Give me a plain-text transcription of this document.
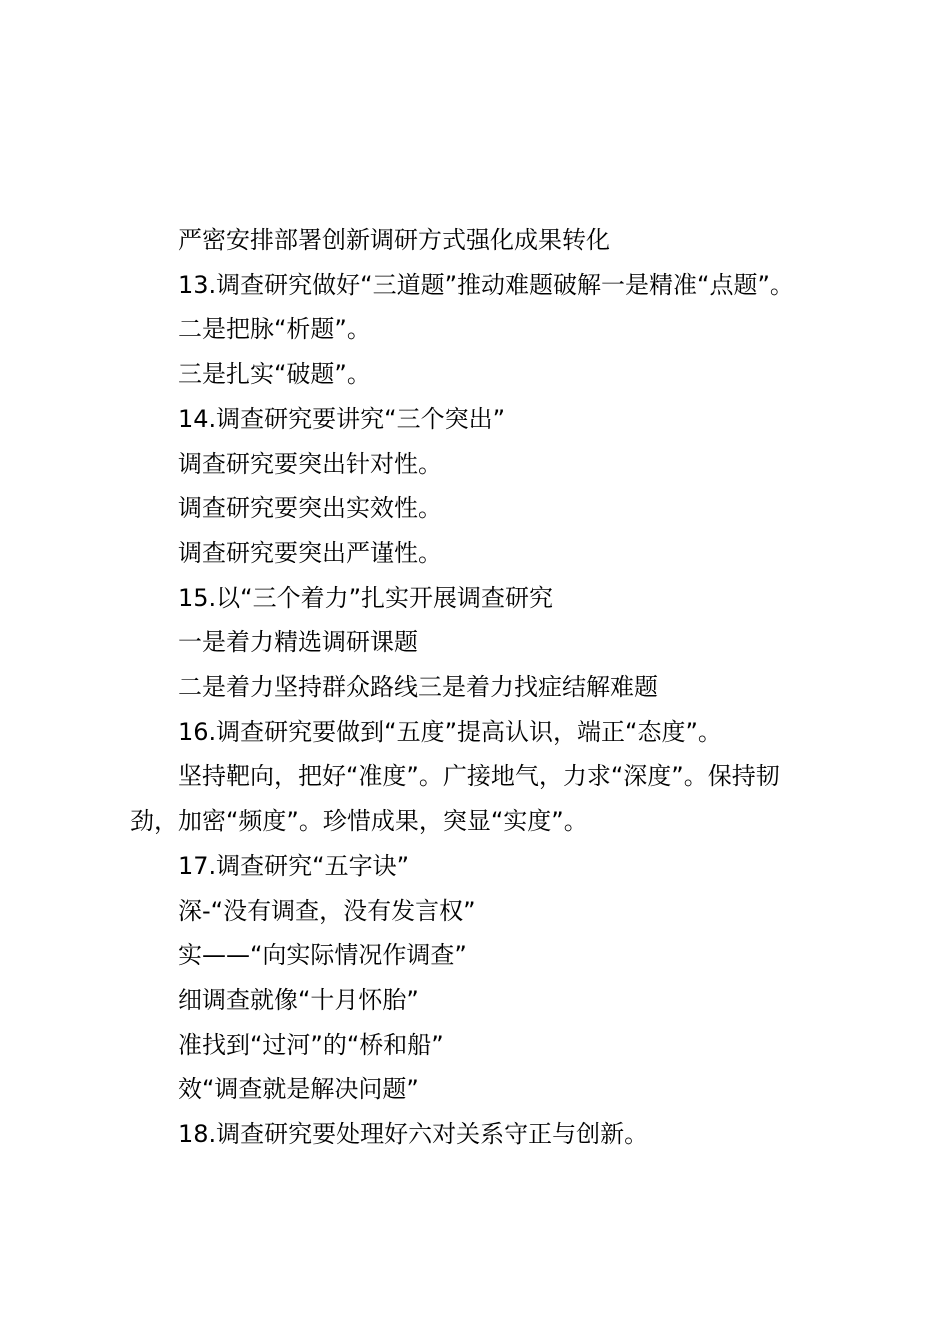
严密安排部署创新调研方式强化成果转化

13.调查研究做好“三道题”推动难题破解一是精准“点题”。

二是把脉“析题”。

三是扎实“破题”。

14.调查研究要讲究“三个突出”

调查研究要突出针对性。

调查研究要突出实效性。

调查研究要突出严谨性。

15.以“三个着力”扎实开展调查研究

一是着力精选调研课题

二是着力坚持群众路线三是着力找症结解难题

16.调查研究要做到“五度”提高认识，端正“态度”。

坚持靶向，把好“准度”。广接地气，力求“深度”。保持韧劲，加密“频度”。珍惜成果，突显“实度”。

17.调查研究“五字诀”

深-“没有调查，没有发言权”

实——“向实际情况作调查”

细调查就像“十月怀胎”

准找到“过河”的“桥和船”

效“调查就是解决问题”

18.调查研究要处理好六对关系守正与创新。
